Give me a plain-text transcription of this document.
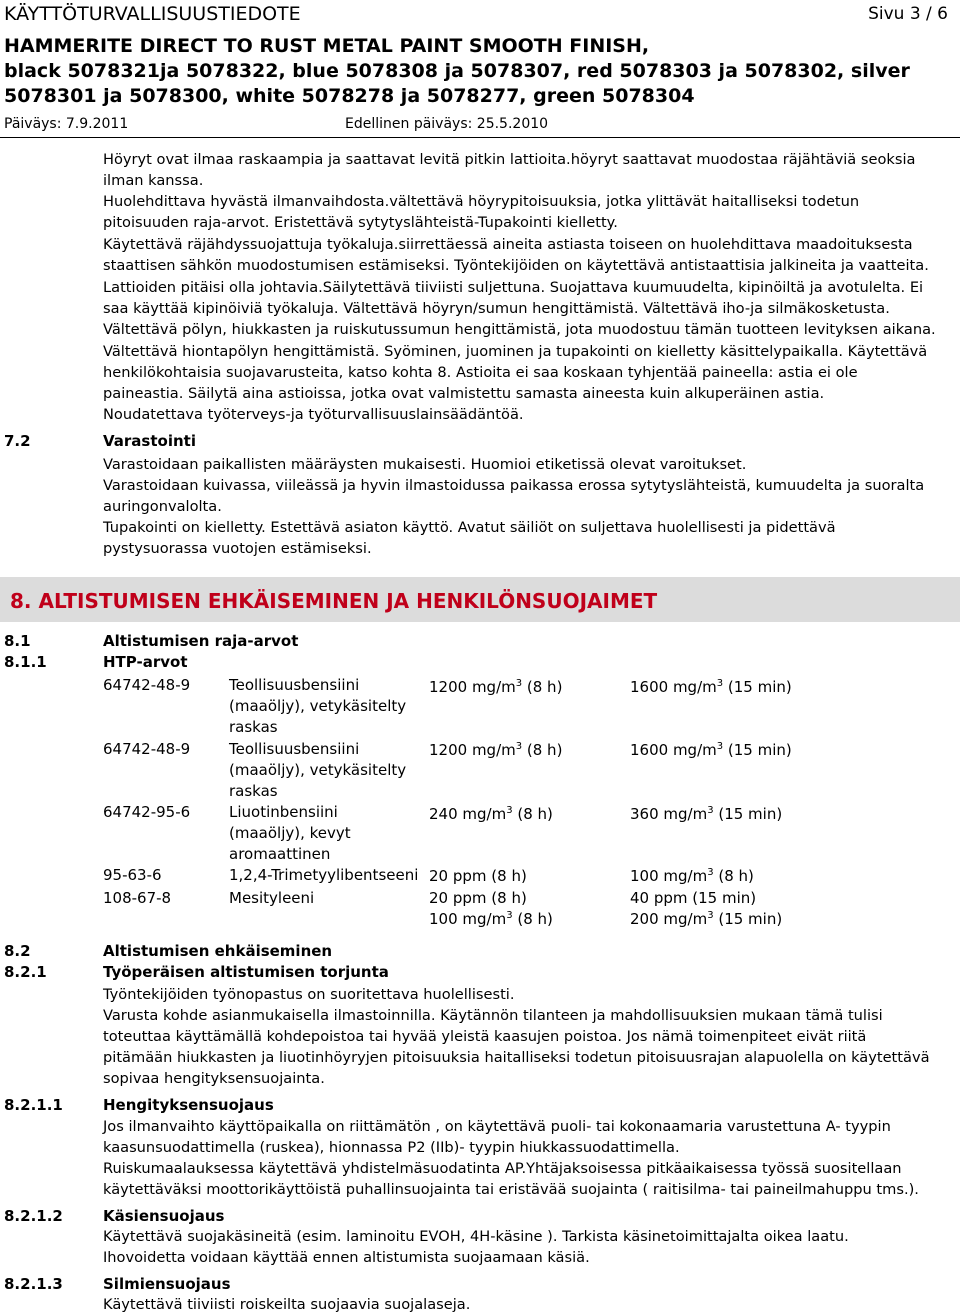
KÄYTTÖTURVALLISUUSTIEDOTE	Sivu 3 / 6
HAMMERITE DIRECT TO RUST METAL PAINT SMOOTH FINISH,
black 5078321ja 5078322, blue 5078308 ja 5078307, red 5078303 ja 5078302, silver
5078301 ja 5078300, white 5078278 ja 5078277, green 5078304
Päiväys: 7.9.2011	Edellinen päiväys: 25.5.2010
Höyryt ovat ilmaa raskaampia ja saattavat levitä pitkin lattioita.höyryt saattavat muodostaa räjähtäviä seoksia
ilman kanssa.
Huolehdittava hyvästä ilmanvaihdosta.vältettävä höyrypitoisuuksia, jotka ylittävät haitalliseksi todetun
pitoisuuden raja-arvot. Eristettävä sytytyslähteistä-Tupakointi kielletty.
Käytettävä räjähdyssuojattuja työkaluja.siirrettäessä aineita astiasta toiseen on huolehdittava maadoituksesta
staattisen sähkön muodostumisen estämiseksi. Työntekijöiden on käytettävä antistaattisia jalkineita ja vaatteita.
Lattioiden pitäisi olla johtavia.Säilytettävä tiiviisti suljettuna. Suojattava kuumuudelta, kipinöiltä ja avotulelta. Ei
saa käyttää kipinöiviä työkaluja. Vältettävä höyryn/sumun hengittämistä. Vältettävä iho-ja silmäkosketusta.
Vältettävä pölyn, hiukkasten ja ruiskutussumun hengittämistä, jota muodostuu tämän tuotteen levityksen aikana.
Vältettävä hiontapölyn hengittämistä. Syöminen, juominen ja tupakointi on kielletty käsittelypaikalla. Käytettävä
henkilökohtaisia suojavarusteita, katso kohta 8. Astioita ei saa koskaan tyhjentää paineella: astia ei ole
paineastia. Säilytä aina astioissa, jotka ovat valmistettu samasta aineesta kuin alkuperäinen astia.
Noudatettava työterveys-ja työturvallisuuslainsäädäntöä.
7.2	Varastointi
Varastoidaan paikallisten määräysten mukaisesti. Huomioi etiketissä olevat varoitukset.
Varastoidaan kuivassa, viileässä ja hyvin ilmastoidussa paikassa erossa sytytyslähteistä, kumuudelta ja suoralta
auringonvalolta.
Tupakointi on kielletty. Estettävä asiaton käyttö. Avatut säiliöt on suljettava huolellisesti ja pidettävä
pystysuorassa vuotojen estämiseksi.
8. ALTISTUMISEN EHKÄISEMINEN JA HENKILÖNSUOJAIMET
8.1	Altistumisen raja-arvot
8.1.1	HTP-arvot
64742-48-9	Teollisuusbensiini
(maaöljy), vetykäsitelty
raskas
1200 $mg/m^3$ (8 h)	1600 $mg/m^3$ (15 min)
64742-48-9	Teollisuusbensiini
(maaöljy), vetykäsitelty
raskas
1200 $mg/m^3$ (8 h)	1600 $mg/m^3$ (15 min)
64742-95-6	Liuotinbensiini
(maaöljy), kevyt
aromaattinen
240 $mg/m^3$ (8 h)	360 $mg/m^3$ (15 min)
95-63-6	1,2,4-Trimetyylibentseeni 20 ppm (8 h)	100 $mg/m^3$ (8 h)
108-67-8	Mesityleeni	20 ppm (8 h)	40 ppm (15 min)
100 $mg/m^3$ (8 h)	200 $mg/m^3$ (15 min)
8.2	Altistumisen ehkäiseminen
8.2.1	Työperäisen altistumisen torjunta
Työntekijöiden työnopastus on suoritettava huolellisesti.
Varusta kohde asianmukaisella ilmastoinnilla. Käytännön tilanteen ja mahdollisuuksien mukaan tämä tulisi
toteuttaa käyttämällä kohdepoistoa tai hyvää yleistä kaasujen poistoa. Jos nämä toimenpiteet eivät riitä
pitämään hiukkasten ja liuotinhöyryjen pitoisuuksia haitalliseksi todetun pitoisuusrajan alapuolella on käytettävä
sopivaa hengityksensuojainta.
8.2.1.1	Hengityksensuojaus
Jos ilmanvaihto käyttöpaikalla on riittämätön , on käytettävä puoli- tai kokonaamaria varustettuna A- tyypin
kaasunsuodattimella (ruskea), hionnassa P2 (IIb)- tyypin hiukkassuodattimella.
Ruiskumaalauksessa käytettävä yhdistelmäsuodatinta AP.Yhtäjaksoisessa pitkäaikaisessa työssä suositellaan
käytettäväksi moottorikäyttöistä puhallinsuojainta tai eristävää suojainta ( raitisilma- tai paineilmahuppu tms.).
8.2.1.2	Käsiensuojaus
Käytettävä suojakäsineitä (esim. laminoitu EVOH, 4H-käsine ). Tarkista käsinetoimittajalta oikea laatu.
Ihovoidetta voidaan käyttää ennen altistumista suojaamaan käsiä.
8.2.1.3	Silmiensuojaus
Käytettävä tiiviisti roiskeilta suojaavia suojalaseja.
